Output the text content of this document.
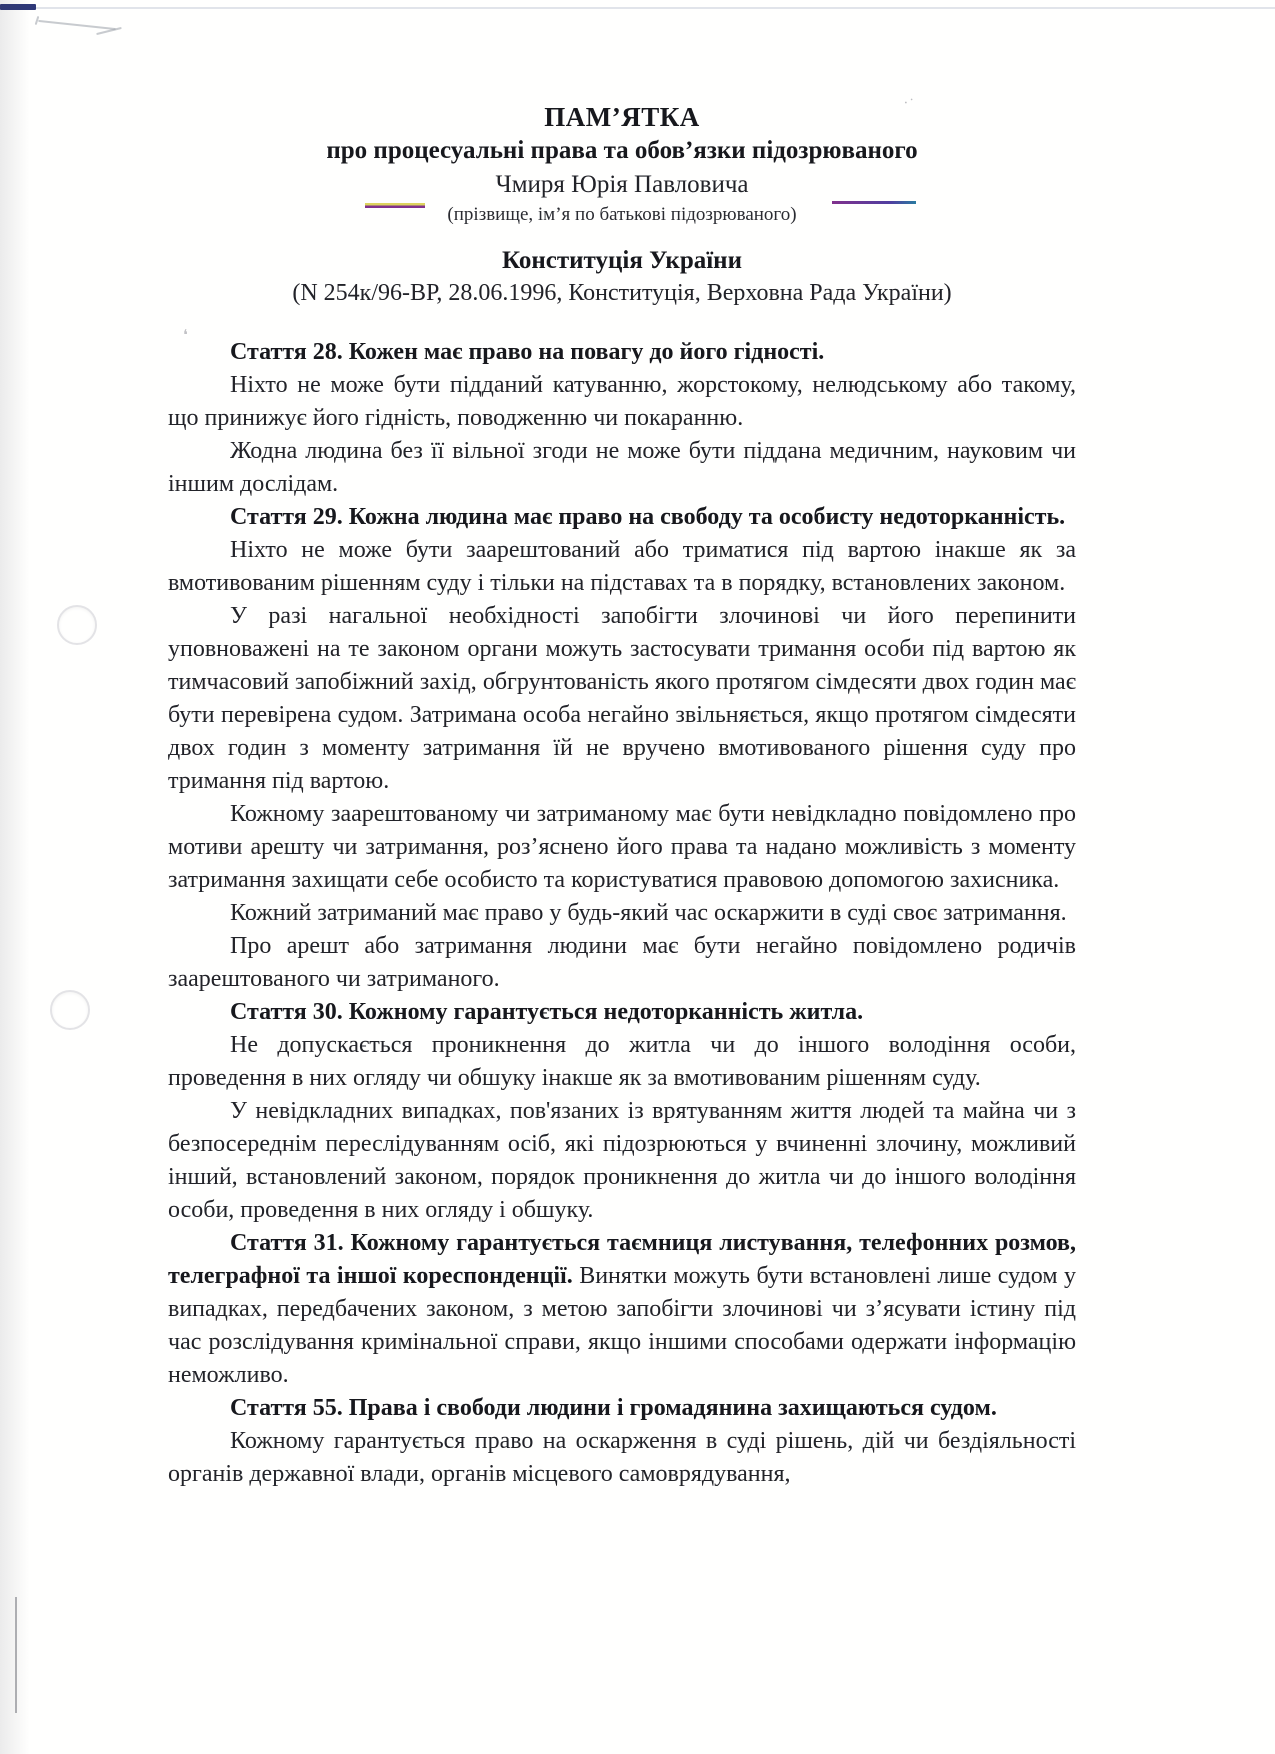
·˙
❛
ПАМ’ЯТКА
про процесуальні права та обов’язки підозрюваного
Чмиря Юрія Павловича
(прізвище, ім’я по батькові підозрюваного)
Конституція України
(N 254к/96-ВР, 28.06.1996, Конституція, Верховна Рада України)

Стаття 28. Кожен має право на повагу до його гідності.

Ніхто не може бути підданий катуванню, жорстокому, нелюдському або такому, що принижує його гідність, поводженню чи покаранню.

Жодна людина без її вільної згоди не може бути піддана медичним, науковим чи іншим дослідам.

Стаття 29. Кожна людина має право на свободу та особисту недоторканність.

Ніхто не може бути заарештований або триматися під вартою інакше як за вмотивованим рішенням суду і тільки на підставах та в порядку, встановлених законом.

У разі нагальної необхідності запобігти злочинові чи його перепинити уповноважені на те законом органи можуть застосувати тримання особи під вартою як тимчасовий запобіжний захід, обгрунтованість якого протягом сімдесяти двох годин має бути перевірена судом. Затримана особа негайно звільняється, якщо протягом сімдесяти двох годин з моменту затримання їй не вручено вмотивованого рішення суду про тримання під вартою.

Кожному заарештованому чи затриманому має бути невідкладно повідомлено про мотиви арешту чи затримання, роз’яснено його права та надано можливість з моменту затримання захищати себе особисто та користуватися правовою допомогою захисника.

Кожний затриманий має право у будь-який час оскаржити в суді своє затримання.

Про арешт або затримання людини має бути негайно повідомлено родичів заарештованого чи затриманого.

Стаття 30. Кожному гарантується недоторканність житла.

Не допускається проникнення до житла чи до іншого володіння особи, проведення в них огляду чи обшуку інакше як за вмотивованим рішенням суду.

У невідкладних випадках, пов'язаних із врятуванням життя людей та майна чи з безпосереднім переслідуванням осіб, які підозрюються у вчиненні злочину, можливий інший, встановлений законом, порядок проникнення до житла чи до іншого володіння особи, проведення в них огляду і обшуку.

Стаття 31. Кожному гарантується таємниця листування, телефонних розмов, телеграфної та іншої кореспонденції. Винятки можуть бути встановлені лише судом у випадках, передбачених законом, з метою запобігти злочинові чи з’ясувати істину під час розслідування кримінальної справи, якщо іншими способами одержати інформацію неможливо.

Стаття 55. Права і свободи людини і громадянина захищаються судом.

Кожному гарантується право на оскарження в суді рішень, дій чи бездіяльності органів державної влади, органів місцевого самоврядування,
